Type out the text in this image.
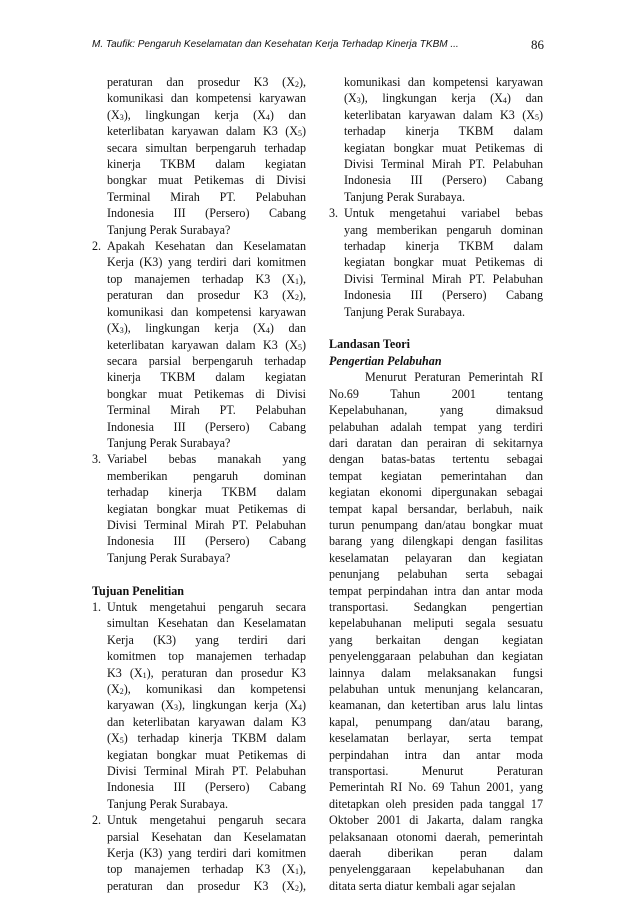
M. Taufik: Pengaruh Keselamatan dan Kesehatan Kerja Terhadap Kinerja TKBM ...	86
peraturan dan prosedur K3 $(X_2)$,
komunikasi dan kompetensi karyawan
$(X_3)$, lingkungan kerja $(X_4)$ dan
keterlibatan karyawan dalam K3 $(X_5)$
secara simultan berpengaruh terhadap
kinerja TKBM dalam kegiatan
bongkar muat Petikemas di Divisi
Terminal Mirah PT. Pelabuhan
Indonesia III (Persero) Cabang
Tanjung Perak Surabaya?
2. Apakah Kesehatan dan Keselamatan
Kerja (K3) yang terdiri dari komitmen
top manajemen terhadap K3 $(X_1)$,
peraturan dan prosedur K3 $(X_2)$,
komunikasi dan kompetensi karyawan
$(X_3)$, lingkungan kerja $(X_4)$ dan
keterlibatan karyawan dalam K3 $(X_5)$
secara parsial berpengaruh terhadap
kinerja TKBM dalam kegiatan
bongkar muat Petikemas di Divisi
Terminal Mirah PT. Pelabuhan
Indonesia III (Persero) Cabang
Tanjung Perak Surabaya?
3. Variabel bebas manakah yang
memberikan pengaruh dominan
terhadap kinerja TKBM dalam
kegiatan bongkar muat Petikemas di
Divisi Terminal Mirah PT. Pelabuhan
Indonesia III (Persero) Cabang
Tanjung Perak Surabaya?
Tujuan Penelitian
1. Untuk mengetahui pengaruh secara
simultan Kesehatan dan Keselamatan
Kerja (K3) yang terdiri dari
komitmen top manajemen terhadap
K3 $(X_1)$, peraturan dan prosedur K3
$(X_2)$, komunikasi dan kompetensi
karyawan $(X_3)$, lingkungan kerja $(X_4)$
dan keterlibatan karyawan dalam K3
$(X_5)$ terhadap kinerja TKBM dalam
kegiatan bongkar muat Petikemas di
Divisi Terminal Mirah PT. Pelabuhan
Indonesia III (Persero) Cabang
Tanjung Perak Surabaya.
2. Untuk mengetahui pengaruh secara
parsial Kesehatan dan Keselamatan
Kerja (K3) yang terdiri dari komitmen
top manajemen terhadap K3 $(X_1)$,
peraturan dan prosedur K3 $(X_2)$,
komunikasi dan kompetensi karyawan
$(X_3)$, lingkungan kerja $(X_4)$ dan
keterlibatan karyawan dalam K3 $(X_5)$
terhadap kinerja TKBM dalam
kegiatan bongkar muat Petikemas di
Divisi Terminal Mirah PT. Pelabuhan
Indonesia III (Persero) Cabang
Tanjung Perak Surabaya.
3. Untuk mengetahui variabel bebas
yang memberikan pengaruh dominan
terhadap kinerja TKBM dalam
kegiatan bongkar muat Petikemas di
Divisi Terminal Mirah PT. Pelabuhan
Indonesia III (Persero) Cabang
Tanjung Perak Surabaya.
Landasan Teori
Pengertian Pelabuhan
Menurut Peraturan Pemerintah RI
No.69 Tahun 2001 tentang
Kepelabuhanan, yang dimaksud
pelabuhan adalah tempat yang terdiri
dari daratan dan perairan di sekitarnya
dengan batas-batas tertentu sebagai
tempat kegiatan pemerintahan dan
kegiatan ekonomi dipergunakan sebagai
tempat kapal bersandar, berlabuh, naik
turun penumpang dan/atau bongkar muat
barang yang dilengkapi dengan fasilitas
keselamatan pelayaran dan kegiatan
penunjang pelabuhan serta sebagai
tempat perpindahan intra dan antar moda
transportasi. Sedangkan pengertian
kepelabuhanan meliputi segala sesuatu
yang berkaitan dengan kegiatan
penyelenggaraan pelabuhan dan kegiatan
lainnya dalam melaksanakan fungsi
pelabuhan untuk menunjang kelancaran,
keamanan, dan ketertiban arus lalu lintas
kapal, penumpang dan/atau barang,
keselamatan berlayar, serta tempat
perpindahan intra dan antar moda
transportasi. Menurut Peraturan
Pemerintah RI No. 69 Tahun 2001, yang
ditetapkan oleh presiden pada tanggal 17
Oktober 2001 di Jakarta, dalam rangka
pelaksanaan otonomi daerah, pemerintah
daerah diberikan peran dalam
penyelenggaraan kepelabuhanan dan
ditata serta diatur kembali agar sejalan
